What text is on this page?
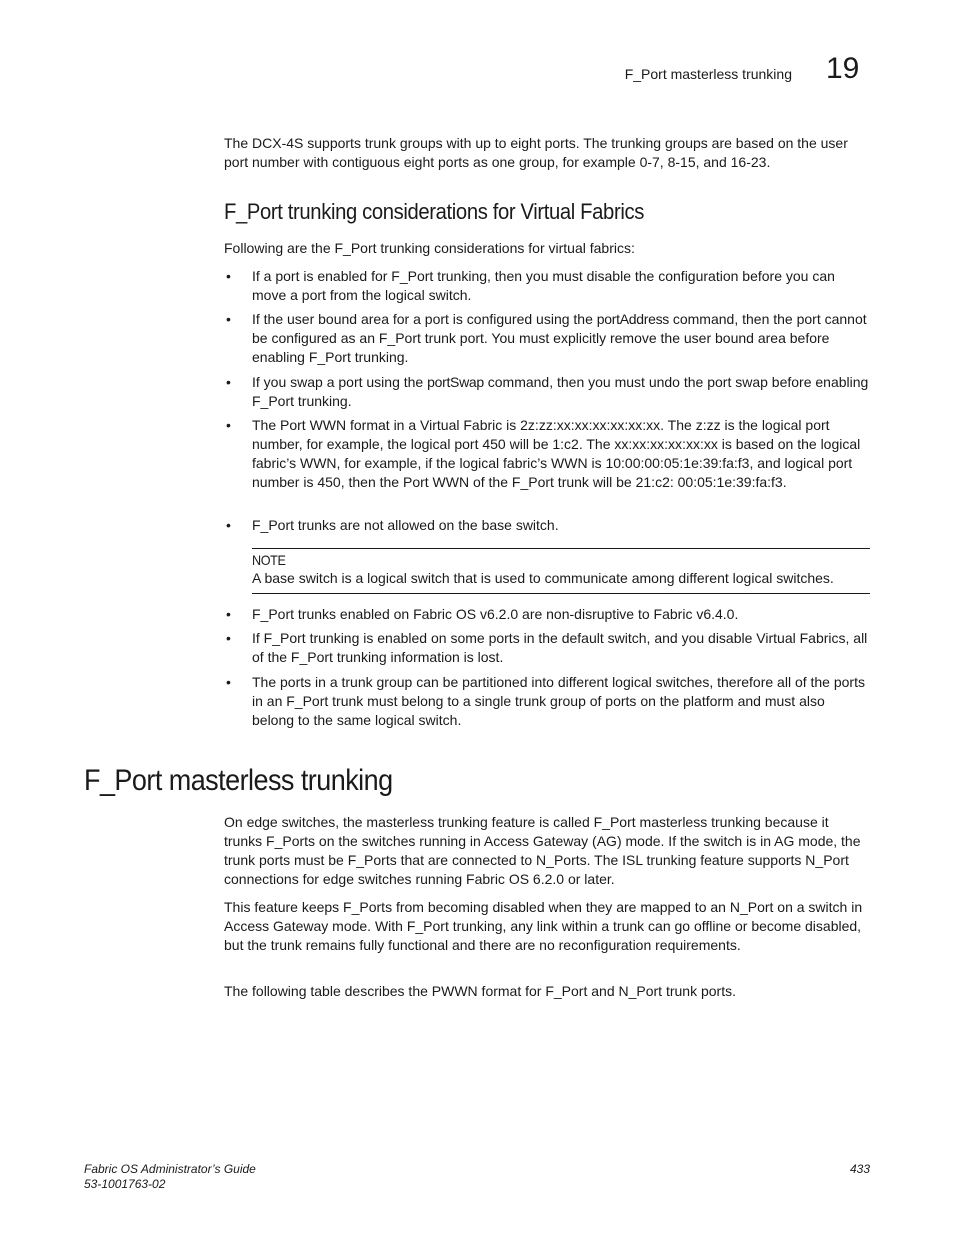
F_Port masterless trunking 19

The DCX-4S supports trunk groups with up to eight ports. The trunking groups are based on the user port number with contiguous eight ports as one group, for example 0-7, 8-15, and 16-23.

F_Port trunking considerations for Virtual Fabrics

Following are the F_Port trunking considerations for virtual fabrics:

•	If a port is enabled for F_Port trunking, then you must disable the configuration before you can move a port from the logical switch.
•	If the user bound area for a port is configured using the portAddress command, then the port cannot be configured as an F_Port trunk port. You must explicitly remove the user bound area before enabling F_Port trunking.
•	If you swap a port using the portSwap command, then you must undo the port swap before enabling F_Port trunking.
•	The Port WWN format in a Virtual Fabric is 2z:zz:xx:xx:xx:xx:xx:xx. The z:zz is the logical port number, for example, the logical port 450 will be 1:c2. The xx:xx:xx:xx:xx:xx is based on the logical fabric’s WWN, for example, if the logical fabric’s WWN is 10:00:00:05:1e:39:fa:f3, and logical port number is 450, then the Port WWN of the F_Port trunk will be 21:c2: 00:05:1e:39:fa:f3.
•	F_Port trunks are not allowed on the base switch.
NOTE
A base switch is a logical switch that is used to communicate among different logical switches.
•	F_Port trunks enabled on Fabric OS v6.2.0 are non-disruptive to Fabric v6.4.0.
•	If F_Port trunking is enabled on some ports in the default switch, and you disable Virtual Fabrics, all of the F_Port trunking information is lost.
•	The ports in a trunk group can be partitioned into different logical switches, therefore all of the ports in an F_Port trunk must belong to a single trunk group of ports on the platform and must also belong to the same logical switch.
F_Port masterless trunking

On edge switches, the masterless trunking feature is called F_Port masterless trunking because it trunks F_Ports on the switches running in Access Gateway (AG) mode. If the switch is in AG mode, the trunk ports must be F_Ports that are connected to N_Ports. The ISL trunking feature supports N_Port connections for edge switches running Fabric OS 6.2.0 or later.

This feature keeps F_Ports from becoming disabled when they are mapped to an N_Port on a switch in Access Gateway mode. With F_Port trunking, any link within a trunk can go offline or become disabled, but the trunk remains fully functional and there are no reconfiguration requirements.

The following table describes the PWWN format for F_Port and N_Port trunk ports.

Fabric OS Administrator’s Guide
53-1001763-02
433
